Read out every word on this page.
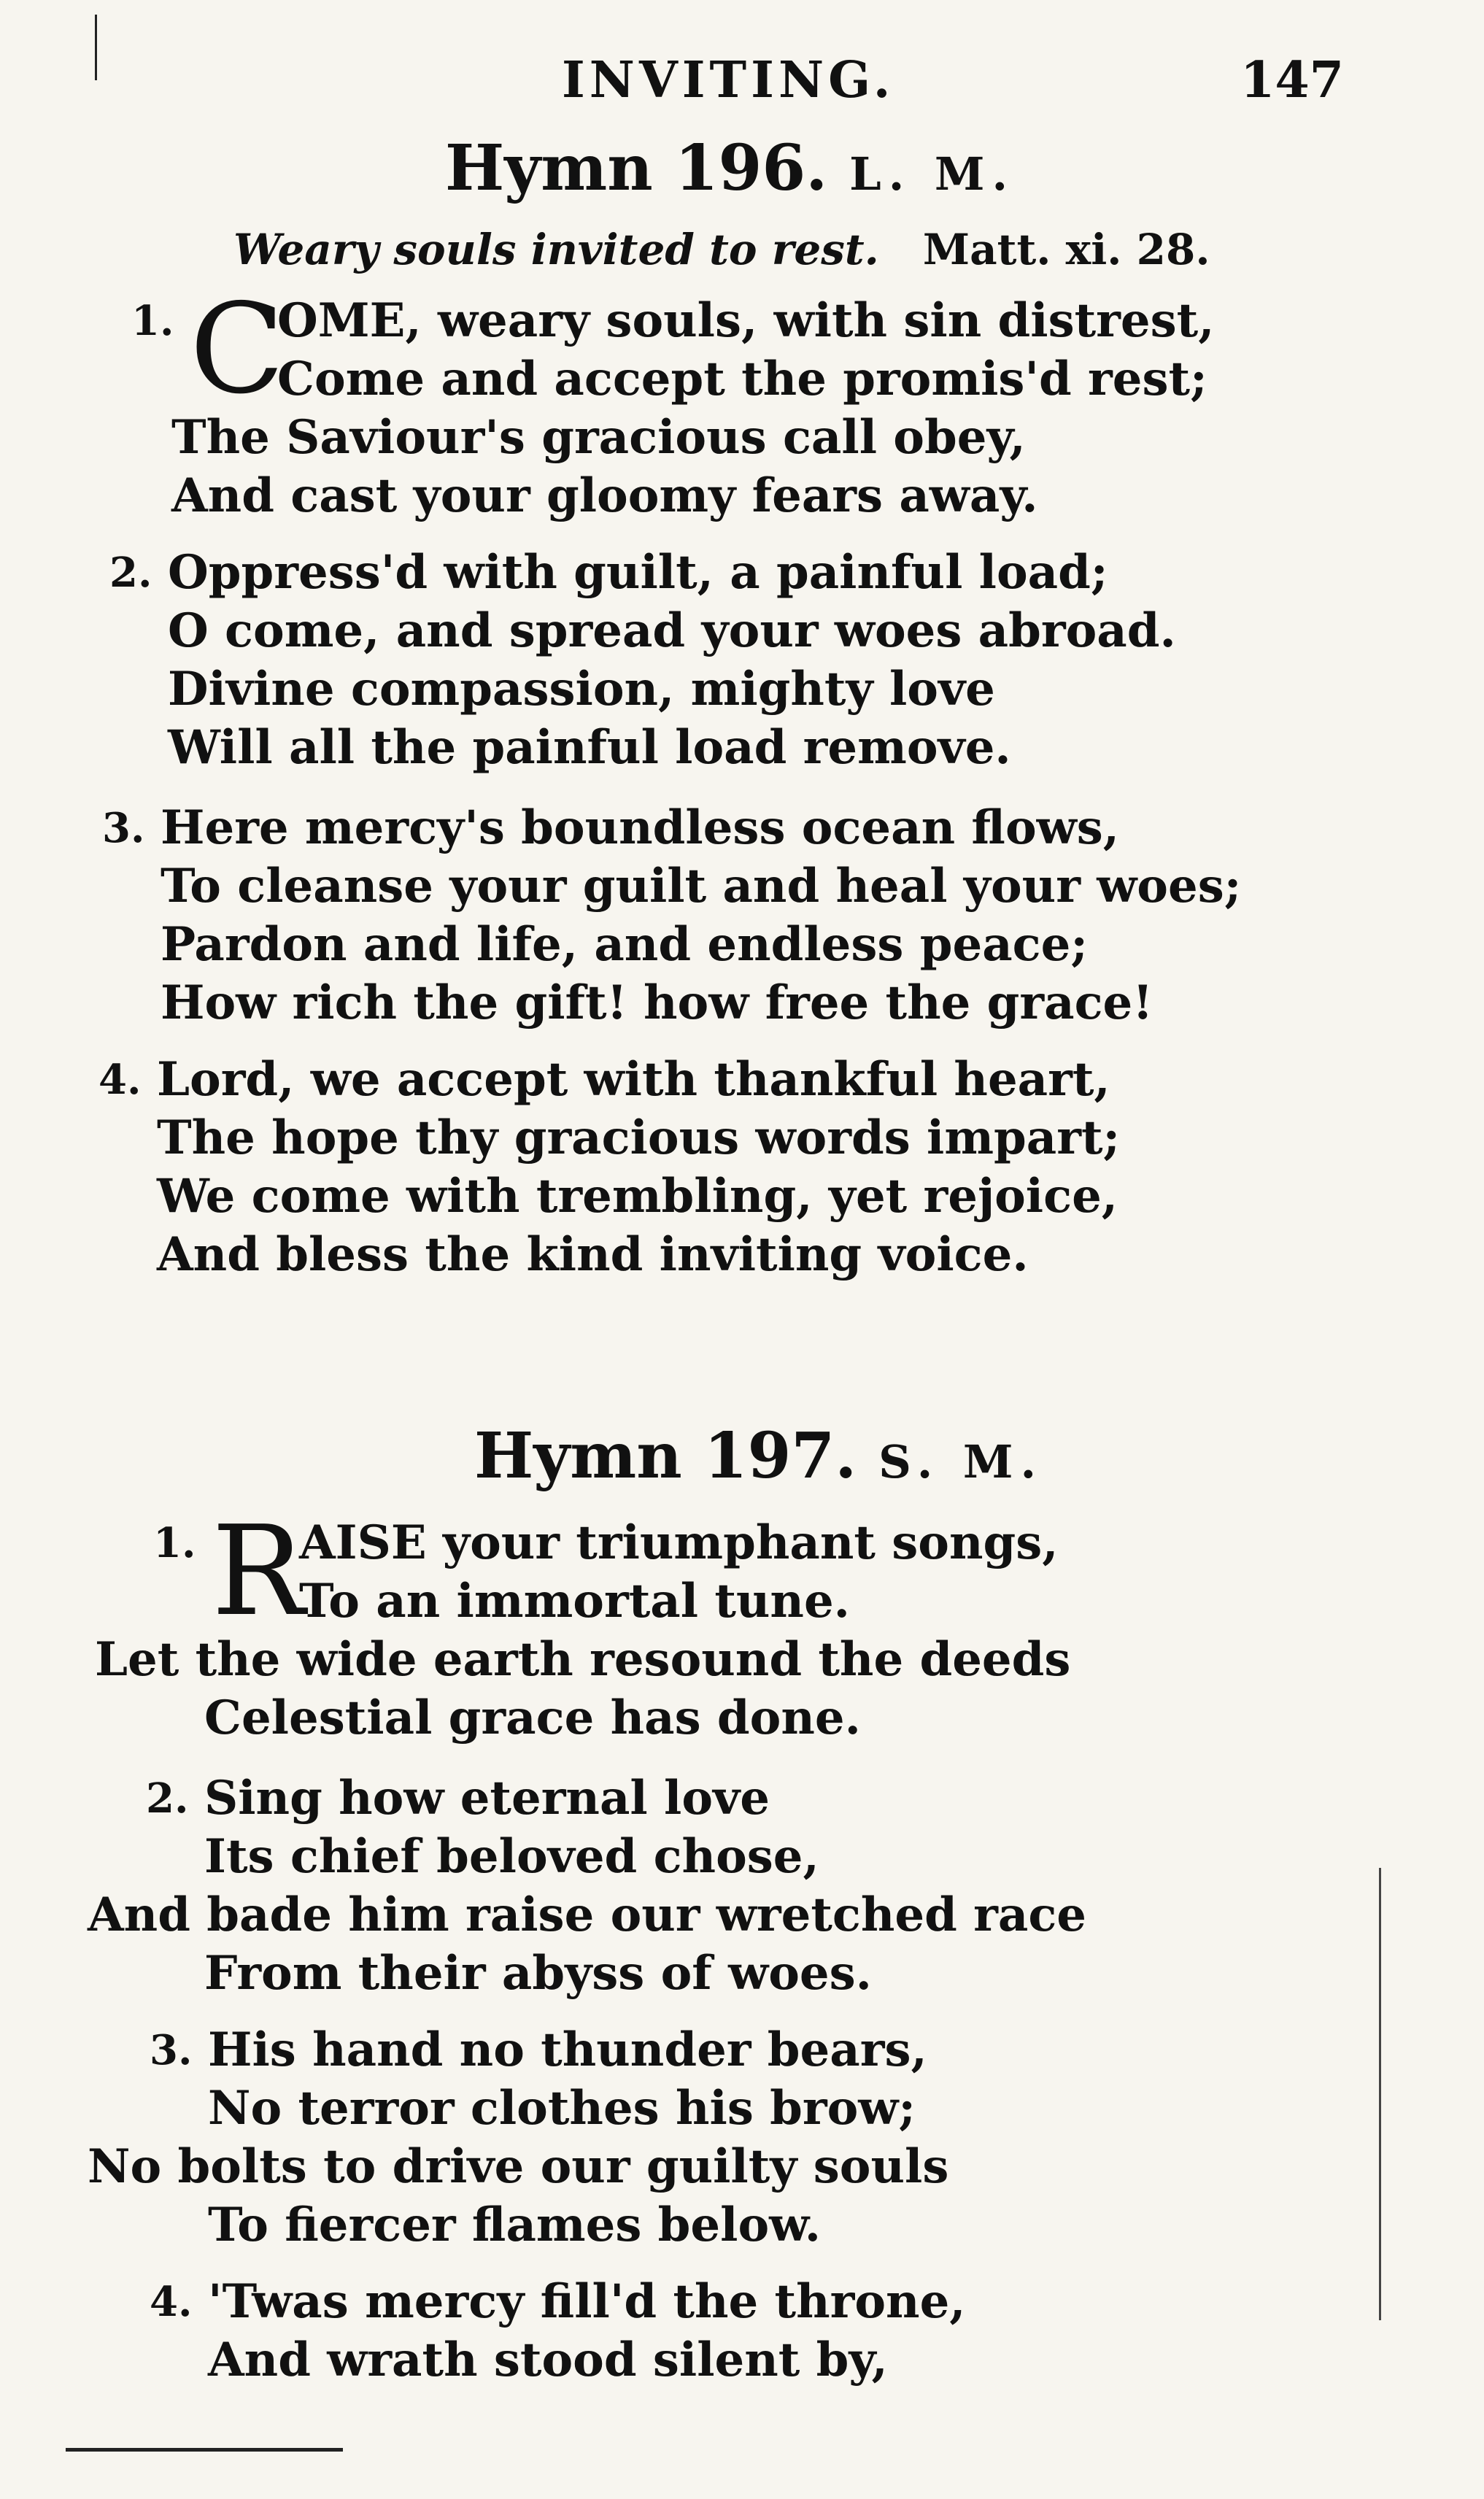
INVITING.	147
Hymn 196. L. M.
Weary souls invited to rest. Matt. xi. 28.
C
1. OME, weary souls, with sin distrest,
Come and accept the promis'd rest;
The Saviour's gracious call obey,
And cast your gloomy fears away.
2. Oppress'd with guilt, a painful load;
O come, and spread your woes abroad.
Divine compassion, mighty love
Will all the painful load remove.
3. Here mercy's boundless ocean flows,
To cleanse your guilt and heal your woes;
Pardon and life, and endless peace;
How rich the gift! how free the grace!
4. Lord, we accept with thankful heart,
The hope thy gracious words impart;
We come with trembling, yet rejoice,
And bless the kind inviting voice.
Hymn 197. S. M.
R
1. AISE your triumphant songs,
To an immortal tune.
Let the wide earth resound the deeds
Celestial grace has done.
2. Sing how eternal love
Its chief beloved chose,
And bade him raise our wretched race
From their abyss of woes.
3. His hand no thunder bears,
No terror clothes his brow;
No bolts to drive our guilty souls
To fiercer flames below.
4. 'Twas mercy fill'd the throne,
And wrath stood silent by,
